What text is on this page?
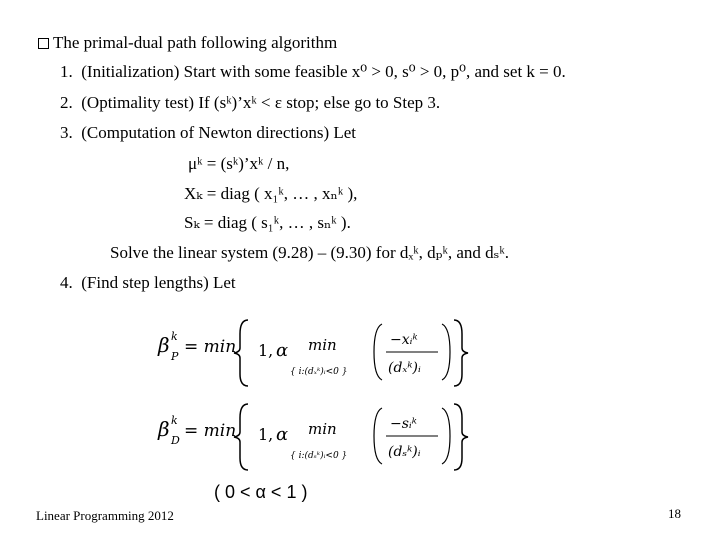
The primal-dual path following algorithm
1. (Initialization) Start with some feasible x⁰ > 0, s⁰ > 0, p⁰, and set k = 0.
2. (Optimality test) If (sᵏ)’xᵏ < ε stop; else go to Step 3.
3. (Computation of Newton directions) Let
μᵏ = (sᵏ)’xᵏ / n,
Xₖ = diag ( x₁ᵏ, … , xₙᵏ ),
Sₖ = diag ( s₁ᵏ, … , sₙᵏ ).
Solve the linear system (9.28) – (9.30) for dₓᵏ, dₚᵏ, and dₛᵏ.
4. (Find step lengths) Let
β k
P = min 1, α min
{ i:(dₓᵏ)ᵢ<0 }
−xᵢᵏ
(dₓᵏ)ᵢ
β k
D = min 1, α min
{ i:(dₛᵏ)ᵢ<0 }
−sᵢᵏ
(dₛᵏ)ᵢ
( 0 < α < 1 )
Linear Programming 2012	18
